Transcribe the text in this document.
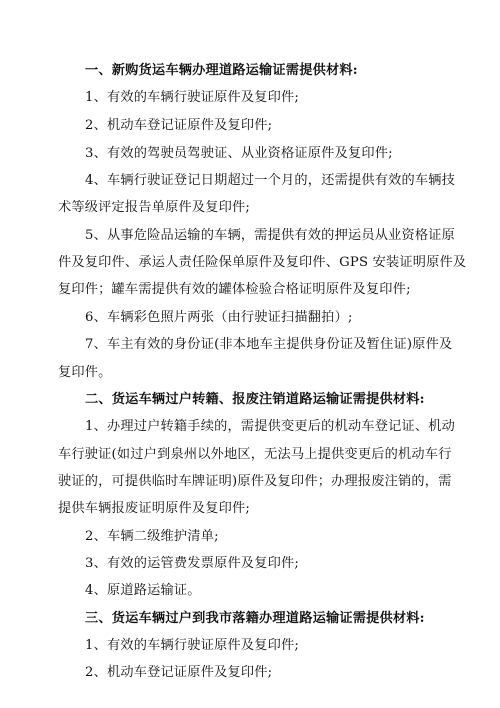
一、新购货运车辆办理道路运输证需提供材料:
1、有效的车辆行驶证原件及复印件;
2、机动车登记证原件及复印件;
3、有效的驾驶员驾驶证、从业资格证原件及复印件;
4、车辆行驶证登记日期超过一个月的，还需提供有效的车辆技
术等级评定报告单原件及复印件;
5、从事危险品运输的车辆，需提供有效的押运员从业资格证原
件及复印件、承运人责任险保单原件及复印件、GPS 安装证明原件及
复印件；罐车需提供有效的罐体检验合格证明原件及复印件;
6、车辆彩色照片两张（由行驶证扫描翻拍）;
7、车主有效的身份证(非本地车主提供身份证及暂住证)原件及
复印件。
二、货运车辆过户转籍、报废注销道路运输证需提供材料:
1、办理过户转籍手续的，需提供变更后的机动车登记证、机动
车行驶证(如过户到泉州以外地区，无法马上提供变更后的机动车行
驶证的，可提供临时车牌证明)原件及复印件；办理报废注销的，需
提供车辆报废证明原件及复印件;
2、车辆二级维护清单;
3、有效的运管费发票原件及复印件;
4、原道路运输证。
三、货运车辆过户到我市落籍办理道路运输证需提供材料:
1、有效的车辆行驶证原件及复印件;
2、机动车登记证原件及复印件;
